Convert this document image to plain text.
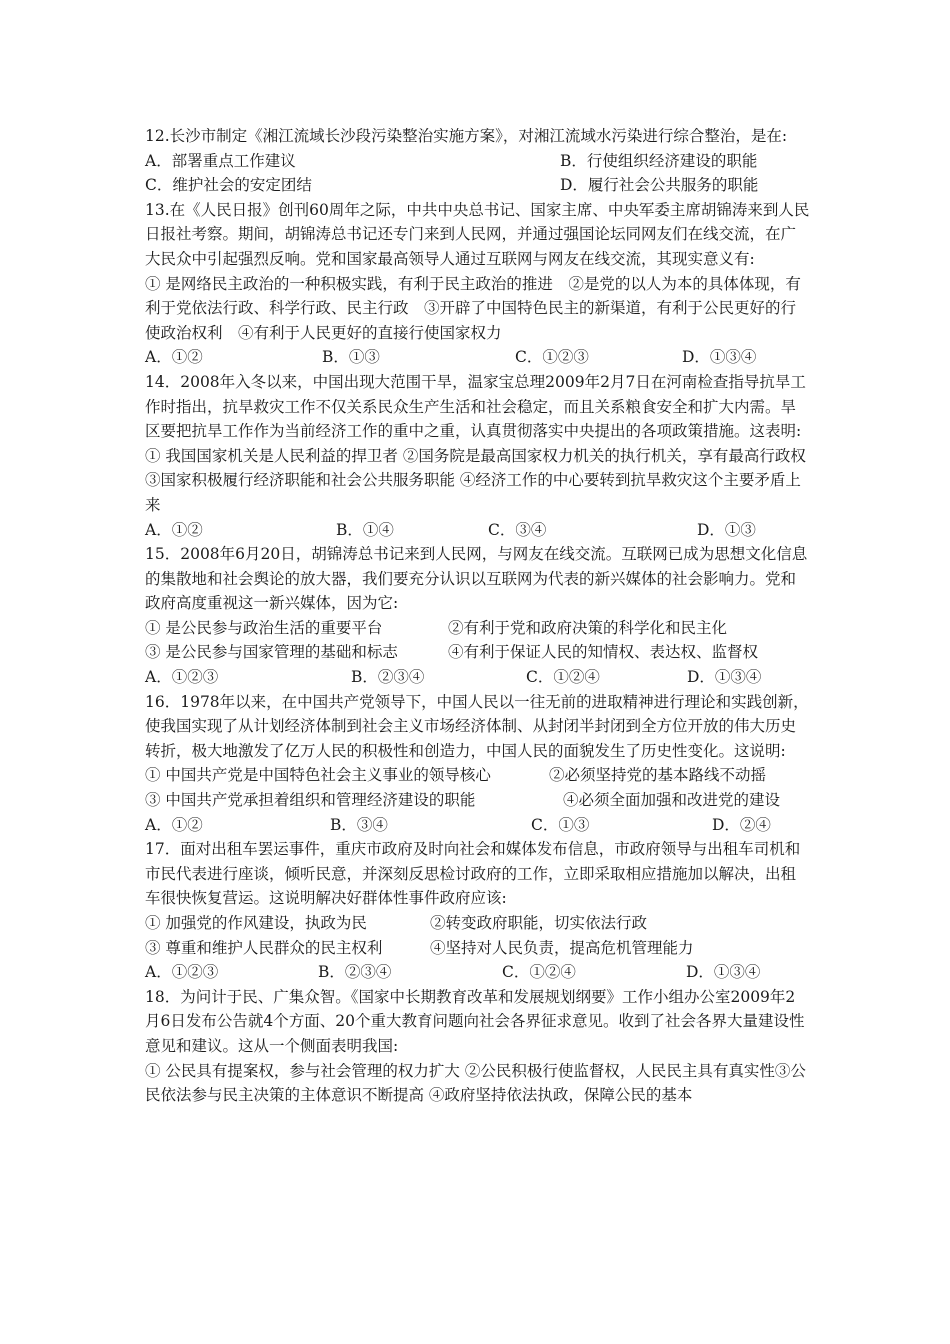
12.长沙市制定《湘江流域长沙段污染整治实施方案》，对湘江流域水污染进行综合整治，是在:

A．部署重点工作建议	B．行使组织经济建设的职能
C．维护社会的安定团结	D．履行社会公共服务的职能

13.在《人民日报》创刊60周年之际，中共中央总书记、国家主席、中央军委主席胡锦涛来到人民日报社考察。期间，胡锦涛总书记还专门来到人民网，并通过强国论坛同网友们在线交流，在广大民众中引起强烈反响。党和国家最高领导人通过互联网与网友在线交流，其现实意义有:

① 是网络民主政治的一种积极实践，有利于民主政治的推进　②是党的以人为本的具体体现，有利于党依法行政、科学行政、民主行政　③开辟了中国特色民主的新渠道，有利于公民更好的行使政治权利　④有利于人民更好的直接行使国家权力

A．①②	B．①③	C．①②③	D．①③④

14．2008年入冬以来，中国出现大范围干旱，温家宝总理2009年2月7日在河南检查指导抗旱工作时指出，抗旱救灾工作不仅关系民众生产生活和社会稳定，而且关系粮食安全和扩大内需。旱区要把抗旱工作作为当前经济工作的重中之重，认真贯彻落实中央提出的各项政策措施。这表明:

① 我国国家机关是人民利益的捍卫者 ②国务院是最高国家权力机关的执行机关，享有最高行政权 ③国家积极履行经济职能和社会公共服务职能 ④经济工作的中心要转到抗旱救灾这个主要矛盾上来

A．①②	B．①④	C．③④	D．①③

15．2008年6月20日，胡锦涛总书记来到人民网，与网友在线交流。互联网已成为思想文化信息的集散地和社会舆论的放大器，我们要充分认识以互联网为代表的新兴媒体的社会影响力。党和政府高度重视这一新兴媒体，因为它:

① 是公民参与政治生活的重要平台	②有利于党和政府决策的科学化和民主化
③ 是公民参与国家管理的基础和标志	④有利于保证人民的知情权、表达权、监督权
A．①②③	B．②③④	C．①②④	D．①③④

16．1978年以来，在中国共产党领导下，中国人民以一往无前的进取精神进行理论和实践创新，使我国实现了从计划经济体制到社会主义市场经济体制、从封闭半封闭到全方位开放的伟大历史转折，极大地激发了亿万人民的积极性和创造力，中国人民的面貌发生了历史性变化。这说明:

① 中国共产党是中国特色社会主义事业的领导核心	②必须坚持党的基本路线不动摇
③ 中国共产党承担着组织和管理经济建设的职能	④必须全面加强和改进党的建设
A．①②	B．③④	C．①③	D．②④

17．面对出租车罢运事件，重庆市政府及时向社会和媒体发布信息，市政府领导与出租车司机和市民代表进行座谈，倾听民意，并深刻反思检讨政府的工作，立即采取相应措施加以解决，出租车很快恢复营运。这说明解决好群体性事件政府应该:

① 加强党的作风建设，执政为民	②转变政府职能，切实依法行政
③ 尊重和维护人民群众的民主权利	④坚持对人民负责，提高危机管理能力
A．①②③	B．②③④	C．①②④	D．①③④

18．为问计于民、广集众智。《国家中长期教育改革和发展规划纲要》工作小组办公室2009年2月6日发布公告就4个方面、20个重大教育问题向社会各界征求意见。收到了社会各界大量建设性意见和建议。这从一个侧面表明我国:

① 公民具有提案权，参与社会管理的权力扩大 ②公民积极行使监督权，人民民主具有真实性③公民依法参与民主决策的主体意识不断提高 ④政府坚持依法执政，保障公民的基本
